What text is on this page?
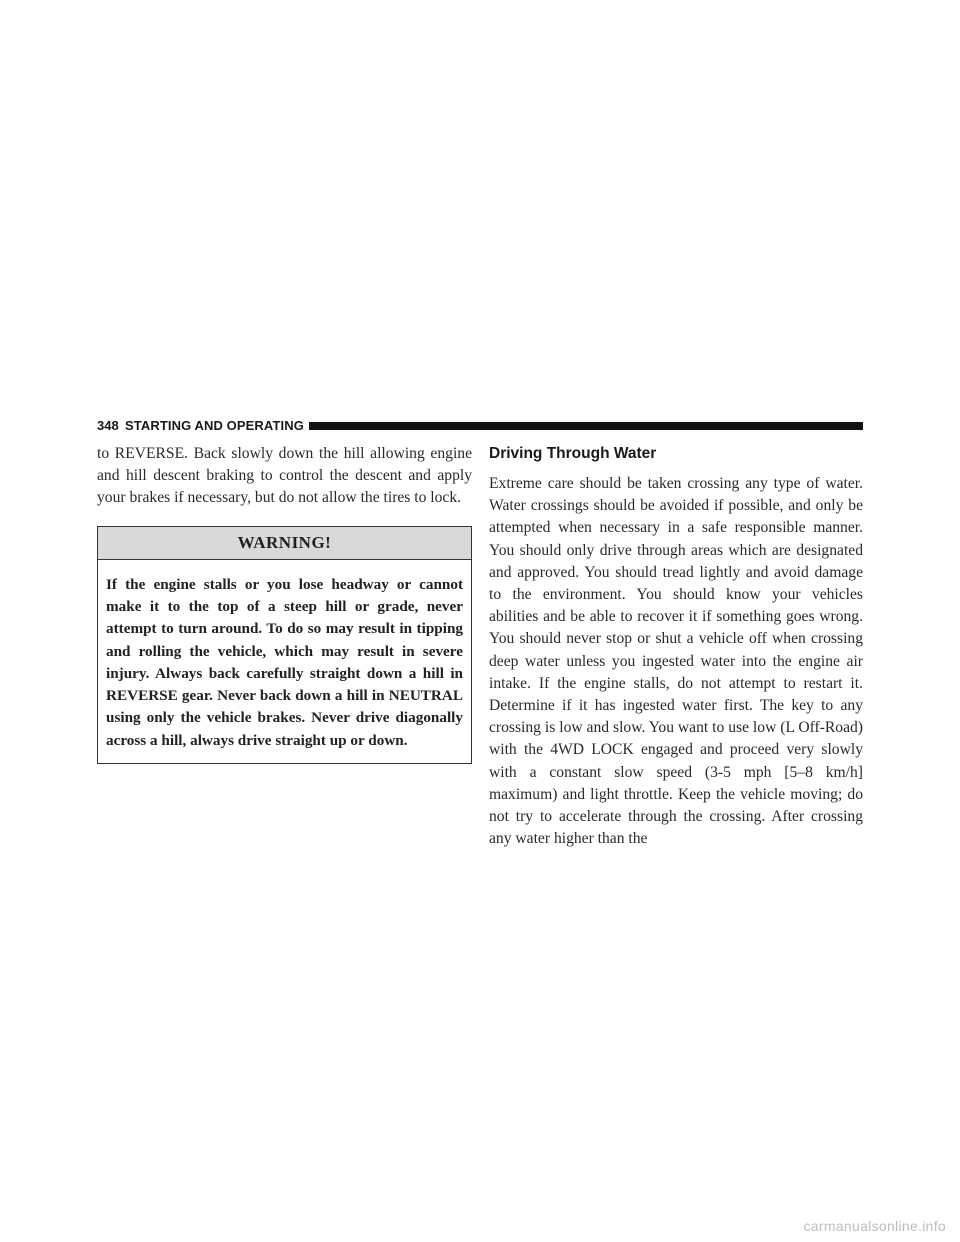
348 STARTING AND OPERATING

to REVERSE. Back slowly down the hill allowing engine and hill descent braking to control the descent and apply your brakes if necessary, but do not allow the tires to lock.

WARNING!

If the engine stalls or you lose headway or cannot make it to the top of a steep hill or grade, never attempt to turn around. To do so may result in tipping and rolling the vehicle, which may result in severe injury. Always back carefully straight down a hill in REVERSE gear. Never back down a hill in NEUTRAL using only the vehicle brakes. Never drive diagonally across a hill, always drive straight up or down.

Driving Through Water

Extreme care should be taken crossing any type of water. Water crossings should be avoided if possible, and only be attempted when necessary in a safe responsible manner. You should only drive through areas which are designated and approved. You should tread lightly and avoid damage to the environment. You should know your vehicles abilities and be able to recover it if something goes wrong. You should never stop or shut a vehicle off when crossing deep water unless you ingested water into the engine air intake. If the engine stalls, do not attempt to restart it. Determine if it has ingested water first. The key to any crossing is low and slow. You want to use low (L Off-Road) with the 4WD LOCK engaged and proceed very slowly with a constant slow speed (3-5 mph [5–8 km/h] maximum) and light throttle. Keep the vehicle moving; do not try to accelerate through the crossing. After crossing any water higher than the

carmanualsonline.info
